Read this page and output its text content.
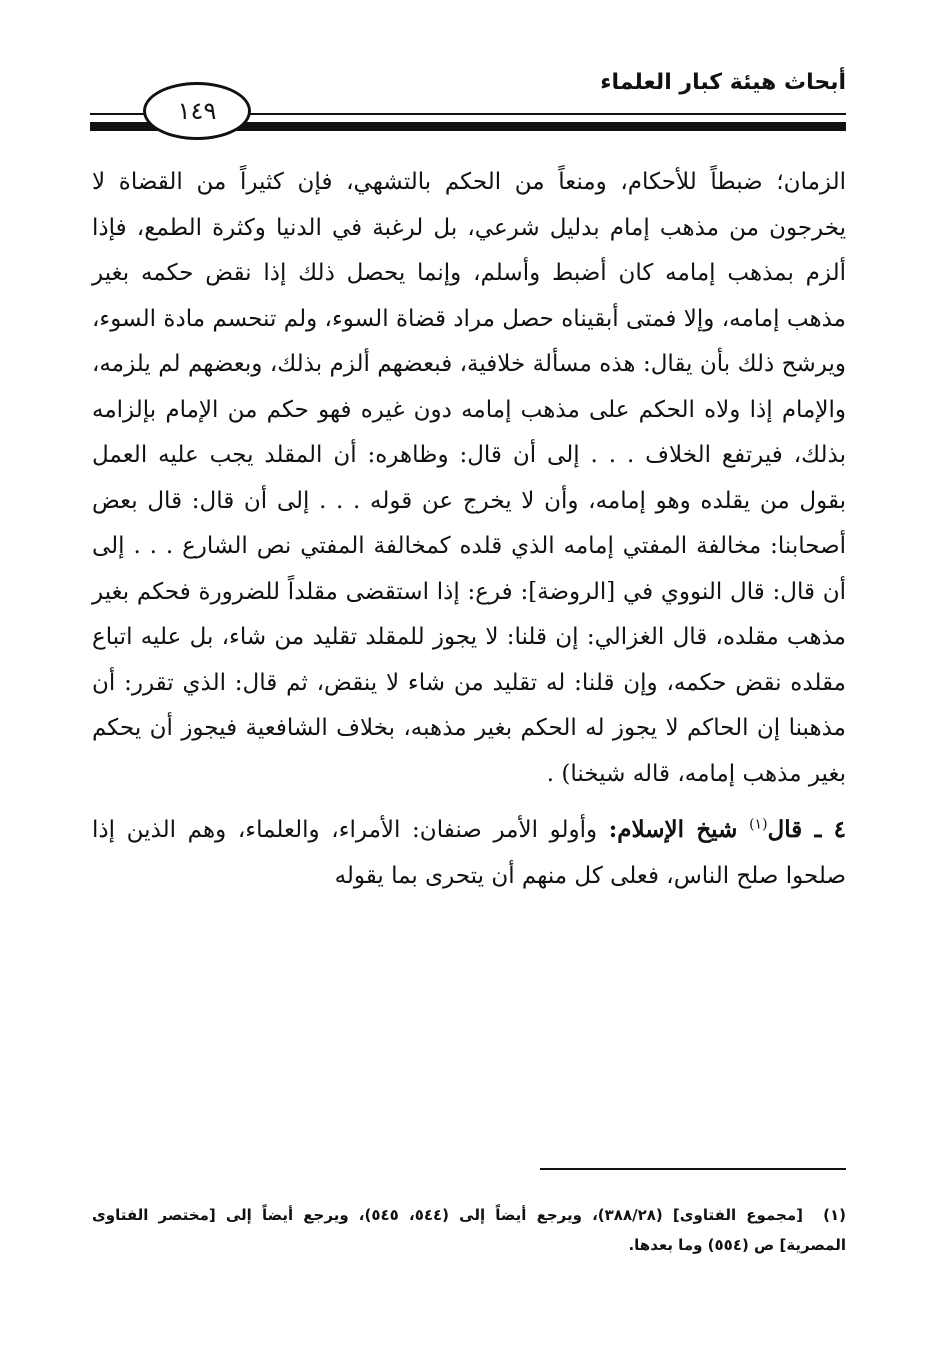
أبحاث هيئة كبار العلماء
١٤٩

الزمان؛ ضبطاً للأحكام، ومنعاً من الحكم بالتشهي، فإن كثيراً من القضاة لا يخرجون من مذهب إمام بدليل شرعي، بل لرغبة في الدنيا وكثرة الطمع، فإذا ألزم بمذهب إمامه كان أضبط وأسلم، وإنما يحصل ذلك إذا نقض حكمه بغير مذهب إمامه، وإلا فمتى أبقيناه حصل مراد قضاة السوء، ولم تنحسم مادة السوء، ويرشح ذلك بأن يقال: هذه مسألة خلافية، فبعضهم ألزم بذلك، وبعضهم لم يلزمه، والإمام إذا ولاه الحكم على مذهب إمامه دون غيره فهو حكم من الإمام بإلزامه بذلك، فيرتفع الخلاف . . . إلى أن قال: وظاهره: أن المقلد يجب عليه العمل بقول من يقلده وهو إمامه، وأن لا يخرج عن قوله . . . إلى أن قال: قال بعض أصحابنا: مخالفة المفتي إمامه الذي قلده كمخالفة المفتي نص الشارع . . . إلى أن قال: قال النووي في [الروضة]: فرع: إذا استقضى مقلداً للضرورة فحكم بغير مذهب مقلده، قال الغزالي: إن قلنا: لا يجوز للمقلد تقليد من شاء، بل عليه اتباع مقلده نقض حكمه، وإن قلنا: له تقليد من شاء لا ينقض، ثم قال: الذي تقرر: أن مذهبنا إن الحاكم لا يجوز له الحكم بغير مذهبه، بخلاف الشافعية فيجوز أن يحكم بغير مذهب إمامه، قاله شيخنا) .

٤ ـ قال$^{(١)}$ شيخ الإسلام: وأولو الأمر صنفان: الأمراء، والعلماء، وهم الذين إذا صلحوا صلح الناس، فعلى كل منهم أن يتحرى بما يقوله

(١) [مجموع الفتاوى] (٣٨٨/٢٨)، ويرجع أيضاً إلى (٥٤٤، ٥٤٥)، ويرجع أيضاً إلى [مختصر الفتاوى المصرية] ص (٥٥٤) وما بعدها.
